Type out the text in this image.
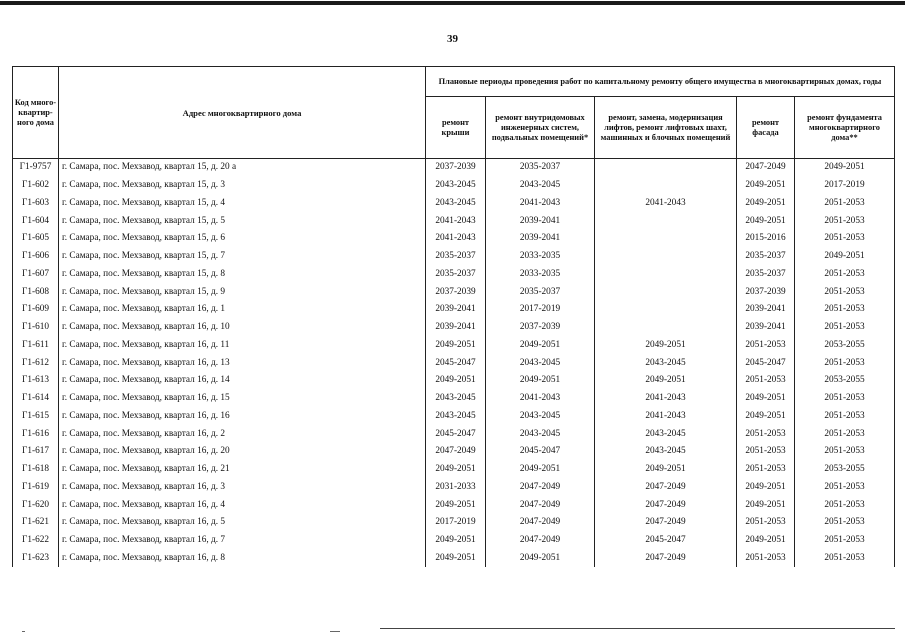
39
Код много-квартир-ного дома	Адрес многоквартирного дома	Плановые периоды проведения работ по капитальному ремонту общего имущества в многоквартирных домах, годы				
		ремонт крыши	ремонт внутридомовых инженерных систем, подвальных помещений*	ремонт, замена, модернизация лифтов, ремонт лифтовых шахт, машинных и блочных помещений	ремонт фасада	ремонт фундамента многоквартирного дома**
Г1-9757	г. Самара, пос. Мехзавод, квартал 15, д. 20 а	2037-2039	2035-2037		2047-2049	2049-2051
Г1-602	г. Самара, пос. Мехзавод, квартал 15, д. 3	2043-2045	2043-2045		2049-2051	2017-2019
Г1-603	г. Самара, пос. Мехзавод, квартал 15, д. 4	2043-2045	2041-2043	2041-2043	2049-2051	2051-2053
Г1-604	г. Самара, пос. Мехзавод, квартал 15, д. 5	2041-2043	2039-2041		2049-2051	2051-2053
Г1-605	г. Самара, пос. Мехзавод, квартал 15, д. 6	2041-2043	2039-2041		2015-2016	2051-2053
Г1-606	г. Самара, пос. Мехзавод, квартал 15, д. 7	2035-2037	2033-2035		2035-2037	2049-2051
Г1-607	г. Самара, пос. Мехзавод, квартал 15, д. 8	2035-2037	2033-2035		2035-2037	2051-2053
Г1-608	г. Самара, пос. Мехзавод, квартал 15, д. 9	2037-2039	2035-2037		2037-2039	2051-2053
Г1-609	г. Самара, пос. Мехзавод, квартал 16, д. 1	2039-2041	2017-2019		2039-2041	2051-2053
Г1-610	г. Самара, пос. Мехзавод, квартал 16, д. 10	2039-2041	2037-2039		2039-2041	2051-2053
Г1-611	г. Самара, пос. Мехзавод, квартал 16, д. 11	2049-2051	2049-2051	2049-2051	2051-2053	2053-2055
Г1-612	г. Самара, пос. Мехзавод, квартал 16, д. 13	2045-2047	2043-2045	2043-2045	2045-2047	2051-2053
Г1-613	г. Самара, пос. Мехзавод, квартал 16, д. 14	2049-2051	2049-2051	2049-2051	2051-2053	2053-2055
Г1-614	г. Самара, пос. Мехзавод, квартал 16, д. 15	2043-2045	2041-2043	2041-2043	2049-2051	2051-2053
Г1-615	г. Самара, пос. Мехзавод, квартал 16, д. 16	2043-2045	2043-2045	2041-2043	2049-2051	2051-2053
Г1-616	г. Самара, пос. Мехзавод, квартал 16, д. 2	2045-2047	2043-2045	2043-2045	2051-2053	2051-2053
Г1-617	г. Самара, пос. Мехзавод, квартал 16, д. 20	2047-2049	2045-2047	2043-2045	2051-2053	2051-2053
Г1-618	г. Самара, пос. Мехзавод, квартал 16, д. 21	2049-2051	2049-2051	2049-2051	2051-2053	2053-2055
Г1-619	г. Самара, пос. Мехзавод, квартал 16, д. 3	2031-2033	2047-2049	2047-2049	2049-2051	2051-2053
Г1-620	г. Самара, пос. Мехзавод, квартал 16, д. 4	2049-2051	2047-2049	2047-2049	2049-2051	2051-2053
Г1-621	г. Самара, пос. Мехзавод, квартал 16, д. 5	2017-2019	2047-2049	2047-2049	2051-2053	2051-2053
Г1-622	г. Самара, пос. Мехзавод, квартал 16, д. 7	2049-2051	2047-2049	2045-2047	2049-2051	2051-2053
Г1-623	г. Самара, пос. Мехзавод, квартал 16, д. 8	2049-2051	2049-2051	2047-2049	2051-2053	2051-2053
